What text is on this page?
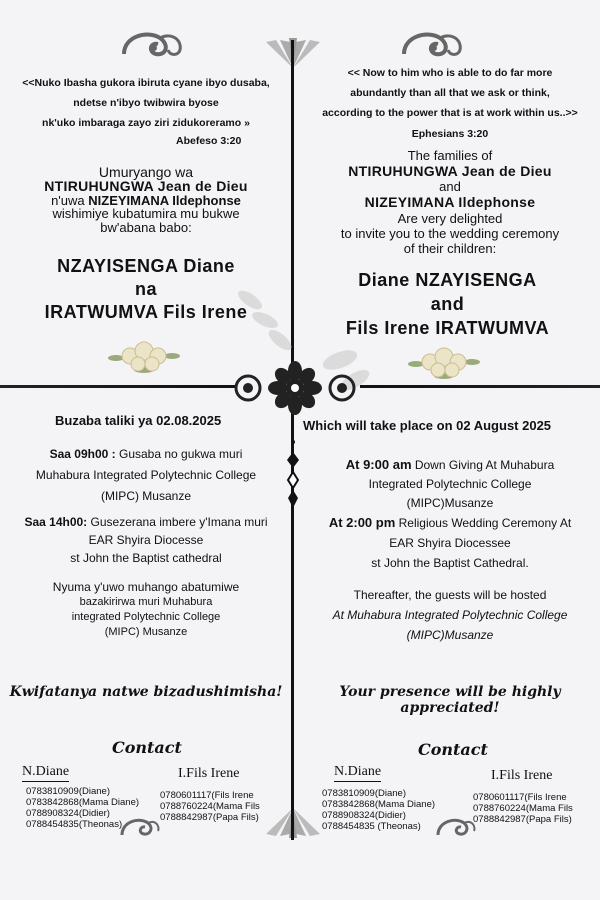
<<Nuko Ibasha gukora ibiruta cyane ibyo dusaba,
ndetse n'ibyo twibwira byose
nk'uko imbaraga zayo ziri zidukoreramo »
Abefeso 3:20
Umuryango wa
NTIRUHUNGWA Jean de Dieu
n'uwa NIZEYIMANA Ildephonse
wishimiye kubatumira mu bukwe
bw'abana babo:
NZAYISENGA Diane
na
IRATWUMVA Fils Irene
Buzaba taliki ya 02.08.2025
Saa 09h00 : Gusaba no gukwa muri
Muhabura Integrated Polytechnic College
(MIPC) Musanze
Saa 14h00: Gusezerana imbere y'Imana muri
EAR Shyira Diocesse
st John the Baptist cathedral
Nyuma y'uwo muhango abatumiwe
bazakirirwa muri Muhabura
integrated Polytechnic College
(MIPC) Musanze
Kwifatanya natwe bizadushimisha!
<< Now to him who is able to do far more
abundantly than all that we ask or think,
according to the power that is at work within us..>>
Ephesians 3:20
The families of
NTIRUHUNGWA Jean de Dieu
and
NIZEYIMANA Ildephonse
Are very delighted
to invite you to the wedding ceremony
of their children:
Diane NZAYISENGA
and
Fils Irene IRATWUMVA
Which will take place on 02 August 2025
At 9:00 am Down Giving At Muhabura
Integrated Polytechnic College
(MIPC)Musanze
At 2:00 pm Religious Wedding Ceremony At
EAR Shyira Diocessee
st John the Baptist Cathedral.
Thereafter, the guests will be hosted
At Muhabura Integrated Polytechnic College
(MIPC)Musanze
Your presence will be highly appreciated!
Contact
N.Diane
0783810909(Diane)
0783842868(Mama Diane)
0788908324(Didier)
0788454835(Theonas)
I.Fils Irene
0780601117(Fils Irene
0788760224(Mama Fils
0788842987(Papa Fils)
Contact
N.Diane
0783810909(Diane)
0783842868(Mama Diane)
0788908324(Didier)
0788454835 (Theonas)
I.Fils Irene
0780601117(Fils Irene
0788760224(Mama Fils
0788842987(Papa Fils)
